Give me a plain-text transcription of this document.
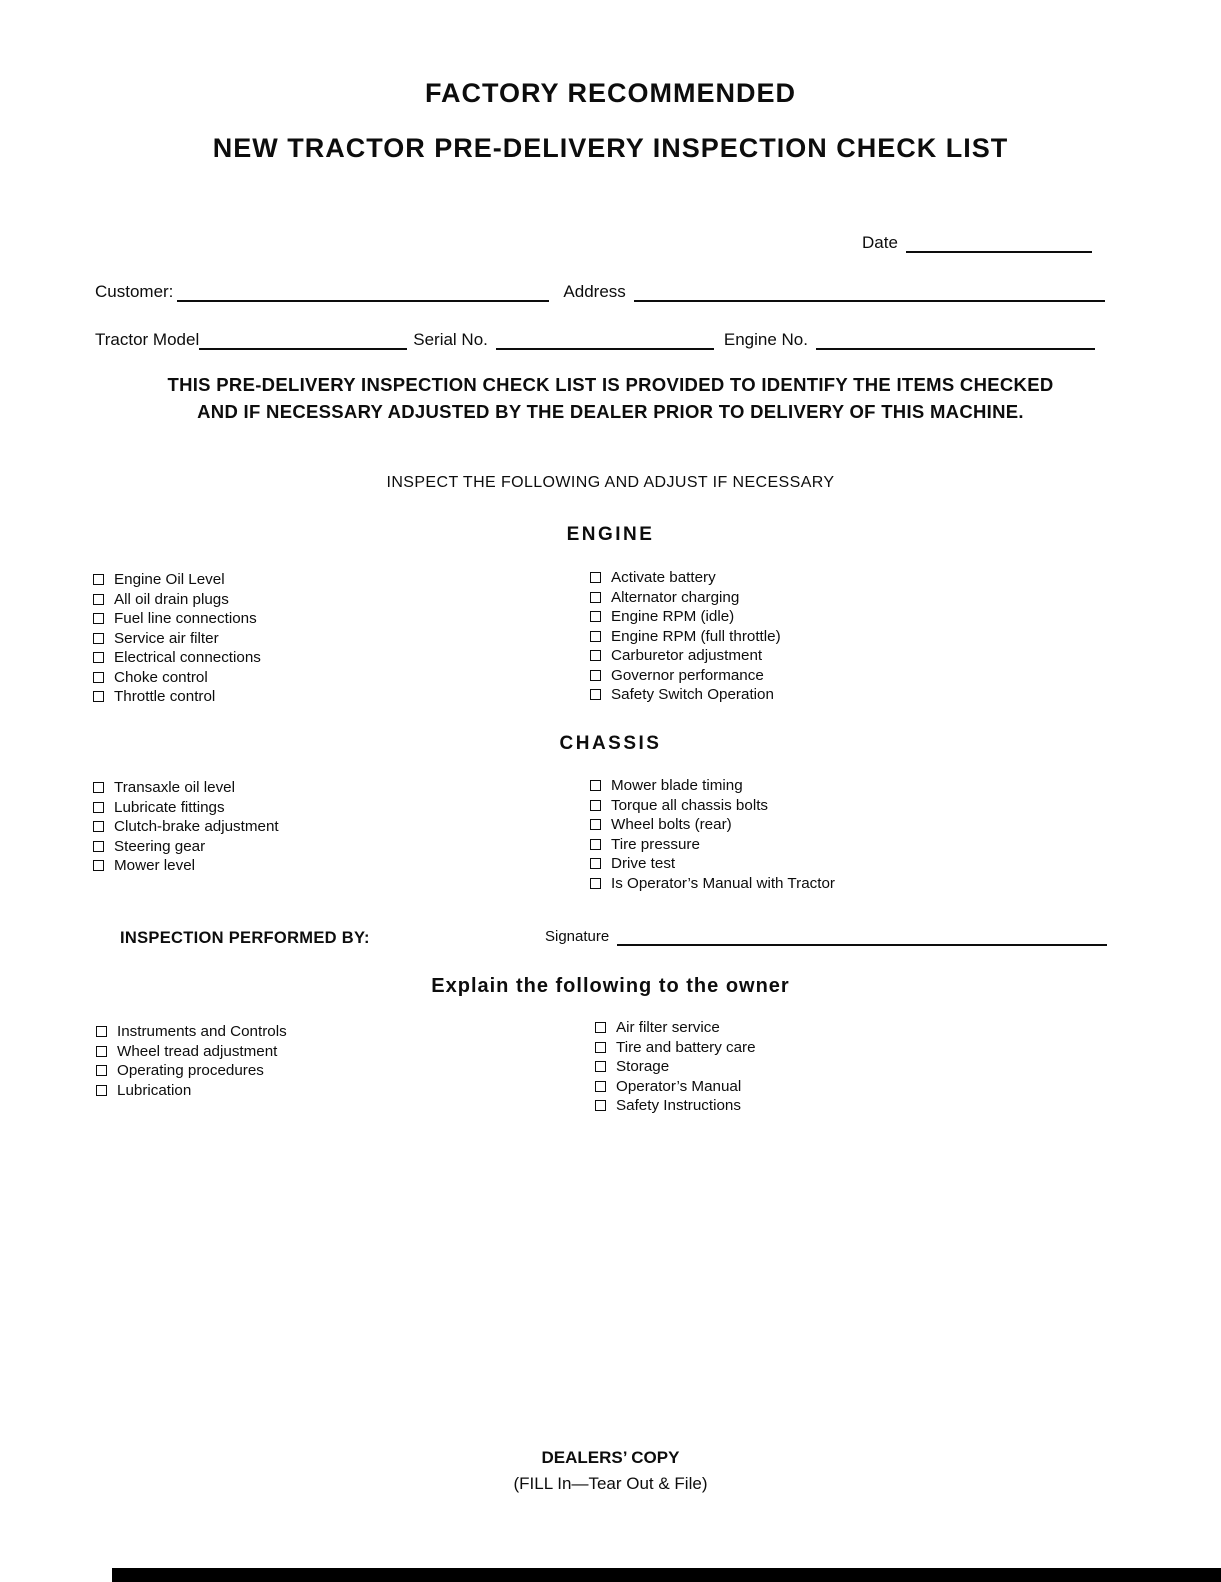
FACTORY RECOMMENDED
NEW TRACTOR PRE-DELIVERY INSPECTION CHECK LIST
Date
Customer:	Address
Tractor Model	Serial No.	Engine No.
THIS PRE-DELIVERY INSPECTION CHECK LIST IS PROVIDED TO IDENTIFY THE ITEMS CHECKED
AND IF NECESSARY ADJUSTED BY THE DEALER PRIOR TO DELIVERY OF THIS MACHINE.
INSPECT THE FOLLOWING AND ADJUST IF NECESSARY
ENGINE
Engine Oil Level
All oil drain plugs
Fuel line connections
Service air filter
Electrical connections
Choke control
Throttle control
Activate battery
Alternator charging
Engine RPM (idle)
Engine RPM (full throttle)
Carburetor adjustment
Governor performance
Safety Switch Operation
CHASSIS
Transaxle oil level
Lubricate fittings
Clutch-brake adjustment
Steering gear
Mower level
Mower blade timing
Torque all chassis bolts
Wheel bolts (rear)
Tire pressure
Drive test
Is Operator’s Manual with Tractor
INSPECTION PERFORMED BY:	Signature
Explain the following to the owner
Instruments and Controls
Wheel tread adjustment
Operating procedures
Lubrication
Air filter service
Tire and battery care
Storage
Operator’s Manual
Safety Instructions
DEALERS’ COPY
(FILL In—Tear Out & File)
